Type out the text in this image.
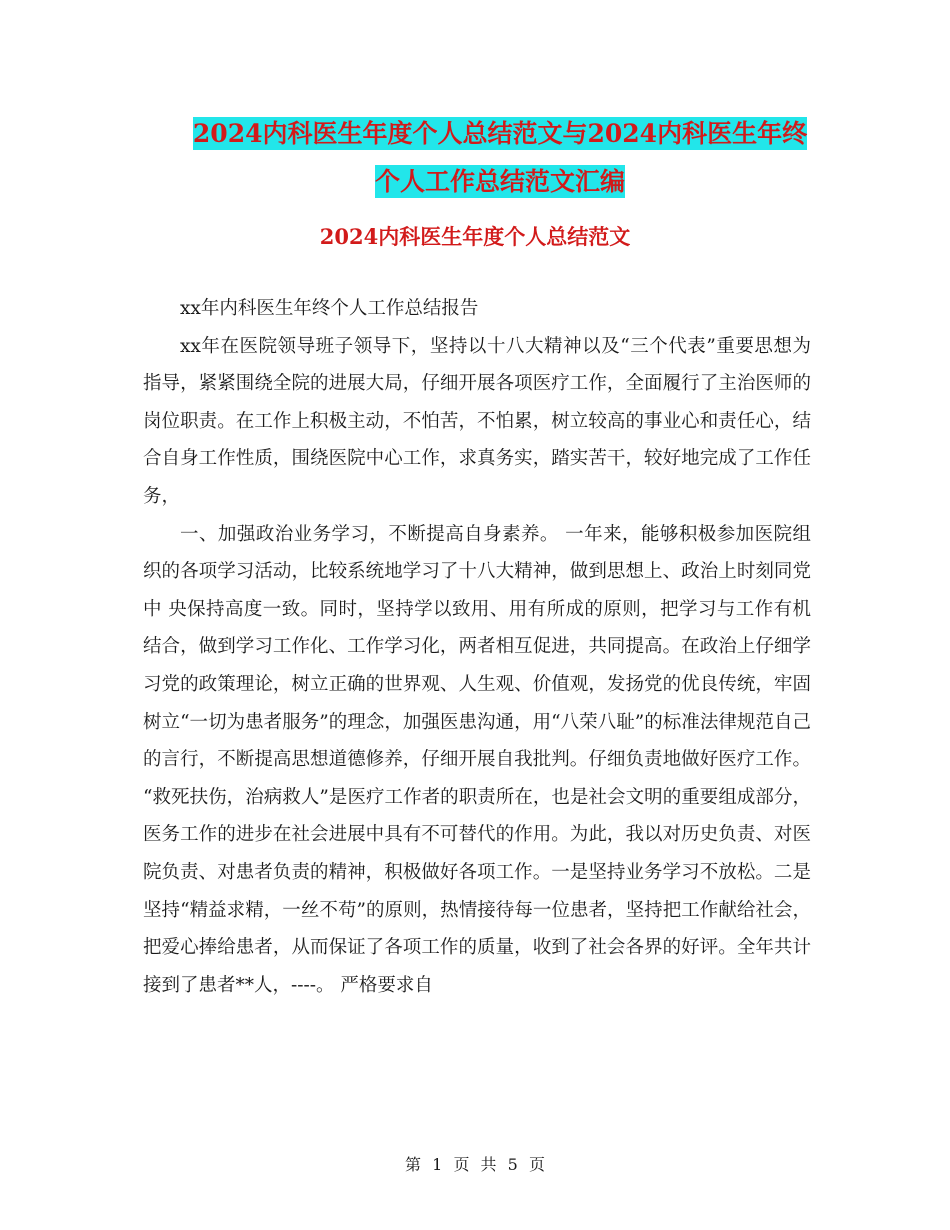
2024内科医生年度个人总结范文与2024内科医生年终
个人工作总结范文汇编
2024内科医生年度个人总结范文

xx年内科医生年终个人工作总结报告

xx年在医院领导班子领导下，坚持以十八大精神以及“三个代表”重要思想为指导，紧紧围绕全院的进展大局，仔细开展各项医疗工作，全面履行了主治医师的岗位职责。在工作上积极主动，不怕苦，不怕累，树立较高的事业心和责任心，结合自身工作性质，围绕医院中心工作，求真务实，踏实苦干，较好地完成了工作任务，

一、加强政治业务学习，不断提高自身素养。 一年来，能够积极参加医院组织的各项学习活动，比较系统地学习了十八大精神，做到思想上、政治上时刻同党中 央保持高度一致。同时，坚持学以致用、用有所成的原则，把学习与工作有机结合，做到学习工作化、工作学习化，两者相互促进，共同提高。在政治上仔细学习党的政策理论，树立正确的世界观、人生观、价值观，发扬党的优良传统，牢固树立“一切为患者服务”的理念，加强医患沟通，用“八荣八耻”的标准法律规范自己的言行，不断提高思想道德修养，仔细开展自我批判。仔细负责地做好医疗工作。 “救死扶伤，治病救人”是医疗工作者的职责所在，也是社会文明的重要组成部分，医务工作的进步在社会进展中具有不可替代的作用。为此，我以对历史负责、对医院负责、对患者负责的精神，积极做好各项工作。一是坚持业务学习不放松。二是坚持“精益求精，一丝不苟”的原则，热情接待每一位患者，坚持把工作献给社会，把爱心捧给患者，从而保证了各项工作的质量，收到了社会各界的好评。全年共计接到了患者**人，----。 严格要求自

第 1 页 共 5 页
